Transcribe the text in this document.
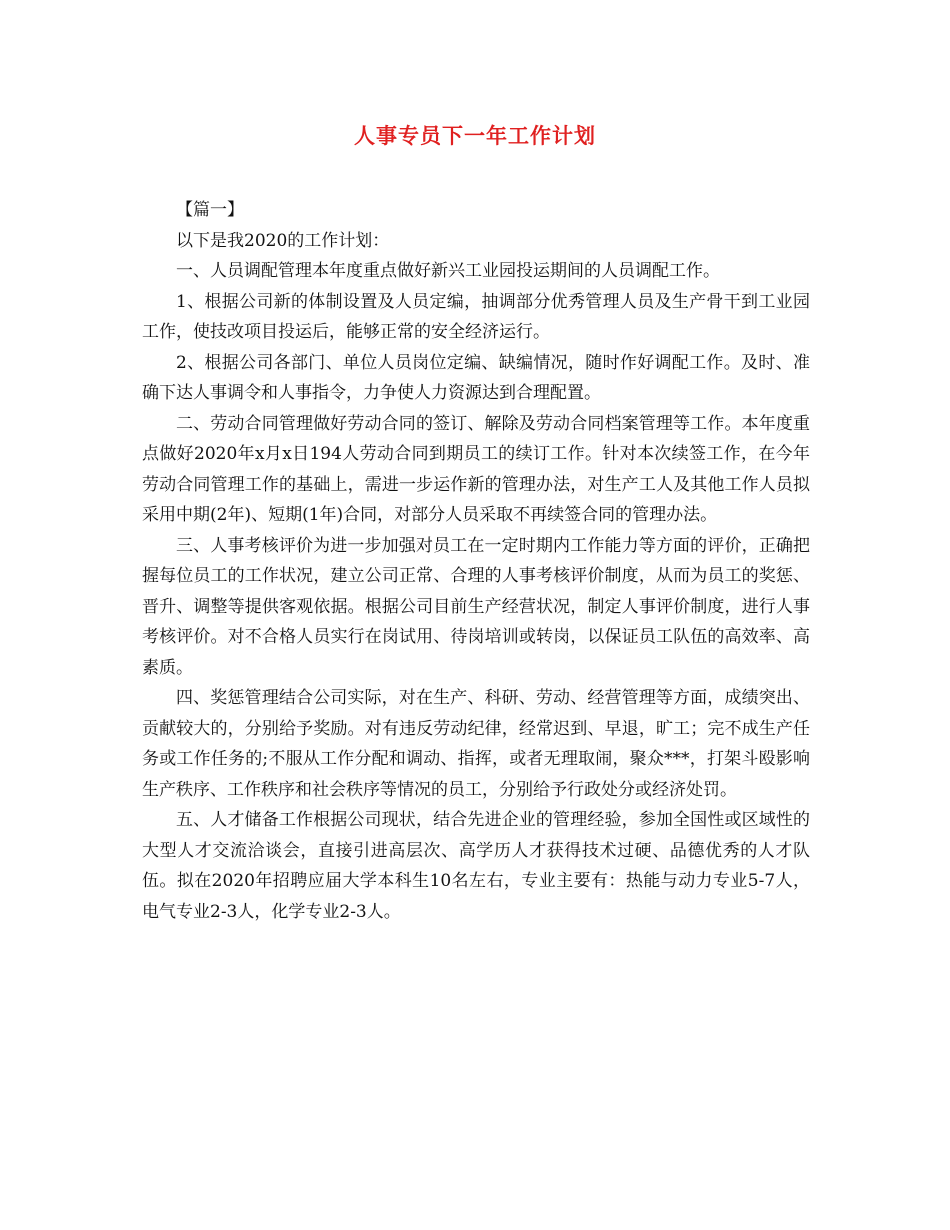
人事专员下一年工作计划

【篇一】

以下是我2020的工作计划：

一、人员调配管理本年度重点做好新兴工业园投运期间的人员调配工作。

1、根据公司新的体制设置及人员定编，抽调部分优秀管理人员及生产骨干到工业园工作，使技改项目投运后，能够正常的安全经济运行。

2、根据公司各部门、单位人员岗位定编、缺编情况，随时作好调配工作。及时、准确下达人事调令和人事指令，力争使人力资源达到合理配置。

二、劳动合同管理做好劳动合同的签订、解除及劳动合同档案管理等工作。本年度重点做好2020年x月x日194人劳动合同到期员工的续订工作。针对本次续签工作，在今年劳动合同管理工作的基础上，需进一步运作新的管理办法，对生产工人及其他工作人员拟采用中期(2年)、短期(1年)合同，对部分人员采取不再续签合同的管理办法。

三、人事考核评价为进一步加强对员工在一定时期内工作能力等方面的评价，正确把握每位员工的工作状况，建立公司正常、合理的人事考核评价制度，从而为员工的奖惩、晋升、调整等提供客观依据。根据公司目前生产经营状况，制定人事评价制度，进行人事考核评价。对不合格人员实行在岗试用、待岗培训或转岗，以保证员工队伍的高效率、高素质。

四、奖惩管理结合公司实际，对在生产、科研、劳动、经营管理等方面，成绩突出、贡献较大的，分别给予奖励。对有违反劳动纪律，经常迟到、早退，旷工；完不成生产任务或工作任务的;不服从工作分配和调动、指挥，或者无理取闹，聚众***，打架斗殴影响生产秩序、工作秩序和社会秩序等情况的员工，分别给予行政处分或经济处罚。

五、人才储备工作根据公司现状，结合先进企业的管理经验，参加全国性或区域性的大型人才交流洽谈会，直接引进高层次、高学历人才获得技术过硬、品德优秀的人才队伍。拟在2020年招聘应届大学本科生10名左右，专业主要有：热能与动力专业5-7人，电气专业2-3人，化学专业2-3人。
